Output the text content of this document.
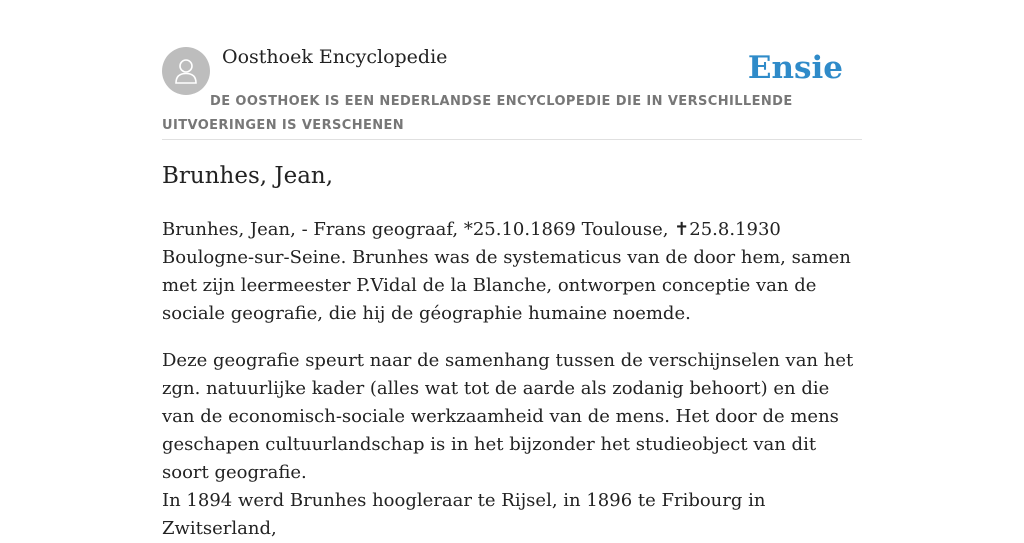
Oosthoek Encyclopedie	Ensie
DE OOSTHOEK IS EEN NEDERLANDSE ENCYCLOPEDIE DIE IN VERSCHILLENDE UITVOERINGEN IS VERSCHENEN
Brunhes, Jean,

Brunhes, Jean, - Frans geograaf, *25.10.1869 Toulouse, ✝25.8.1930 Boulogne-sur-Seine. Brunhes was de systematicus van de door hem, samen met zijn leermeester P.Vidal de la Blanche, ontworpen conceptie van de sociale geografie, die hij de géographie humaine noemde.

Deze geografie speurt naar de samenhang tussen de verschijnselen van het zgn. natuurlijke kader (alles wat tot de aarde als zodanig behoort) en die van de economisch-sociale werkzaamheid van de mens. Het door de mens geschapen cultuurlandschap is in het bijzonder het studieobject van dit soort geografie.

In 1894 werd Brunhes hoogleraar te Rijsel, in 1896 te Fribourg in Zwitserland,
